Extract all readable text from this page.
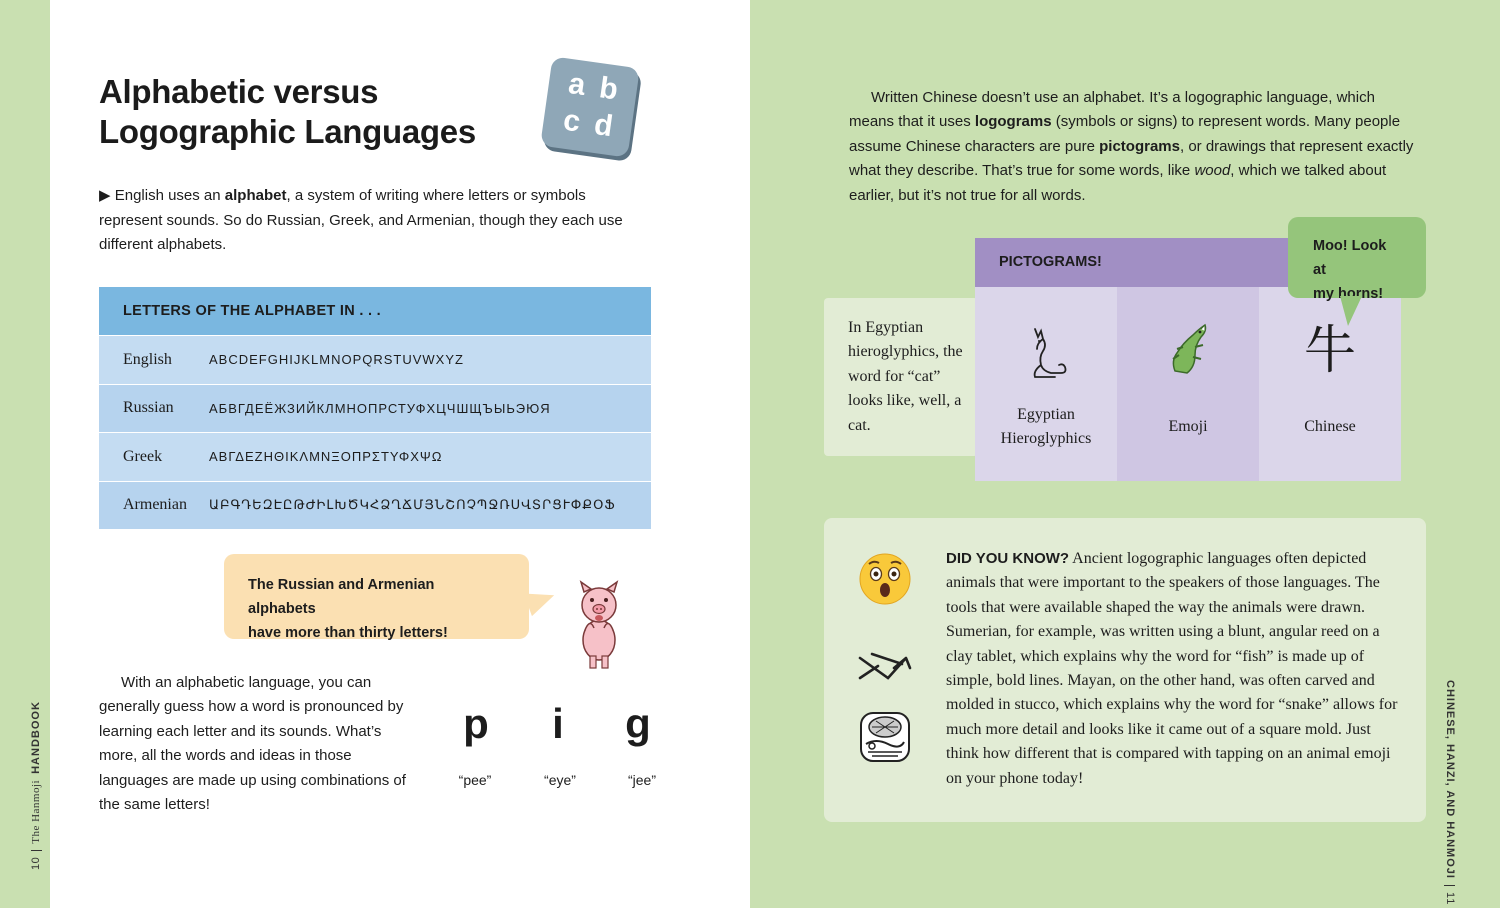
10
The Hanmoji
HANDBOOK	CHINESE, HANZI, AND HANMOJI
11
Alphabetic versus
Logographic Languages
a b
c d

▶ English uses an alphabet, a system of writing where letters or symbols represent sounds. So do Russian, Greek, and Armenian, though they each use different alphabets.

LETTERS OF THE ALPHABET IN . . .
English	ABCDEFGHIJKLMNOPQRSTUVWXYZ
Russian	АБВГДЕЁЖЗИЙКЛМНОПРСТУФХЦЧШЩЪЫЬЭЮЯ
Greek	ΑΒΓΔΕΖΗΘΙΚΛΜΝΞΟΠΡΣΤΥΦΧΨΩ
Armenian	ԱԲԳԴԵԶԷԸԹԺԻԼԽԾԿՀՁՂՃՄՅՆՇՈՉՊՋՌՍՎՏՐՑՒՓՔՕՖ
The Russian and Armenian alphabets
have more than thirty letters!

With an alphabetic language, you can generally guess how a word is pronounced by learning each letter and its sounds. What’s more, all the words and ideas in those languages are made up using combinations of the same letters!

p	i	g
“pee”	“eye”	“jee”

Written Chinese doesn’t use an alphabet. It’s a logographic language, which means that it uses logograms (symbols or signs) to represent words. Many people assume Chinese characters are pure pictograms, or drawings that represent exactly what they describe. That’s true for some words, like wood, which we talked about earlier, but it’s not true for all words.

In Egyptian hieroglyphics, the word for “cat” looks like, well, a cat.
PICTOGRAMS!
Egyptian
Hieroglyphics
Emoji
牛
Chinese
Moo! Look at
my horns!

DID YOU KNOW? Ancient logographic languages often depicted animals that were important to the speakers of those languages. The tools that were available shaped the way the animals were drawn. Sumerian, for example, was written using a blunt, angular reed on a clay tablet, which explains why the word for “fish” is made up of simple, bold lines. Mayan, on the other hand, was often carved and molded in stucco, which explains why the word for “snake” allows for much more detail and looks like it came out of a square mold. Just think how different that is compared with tapping on an animal emoji on your phone today!
